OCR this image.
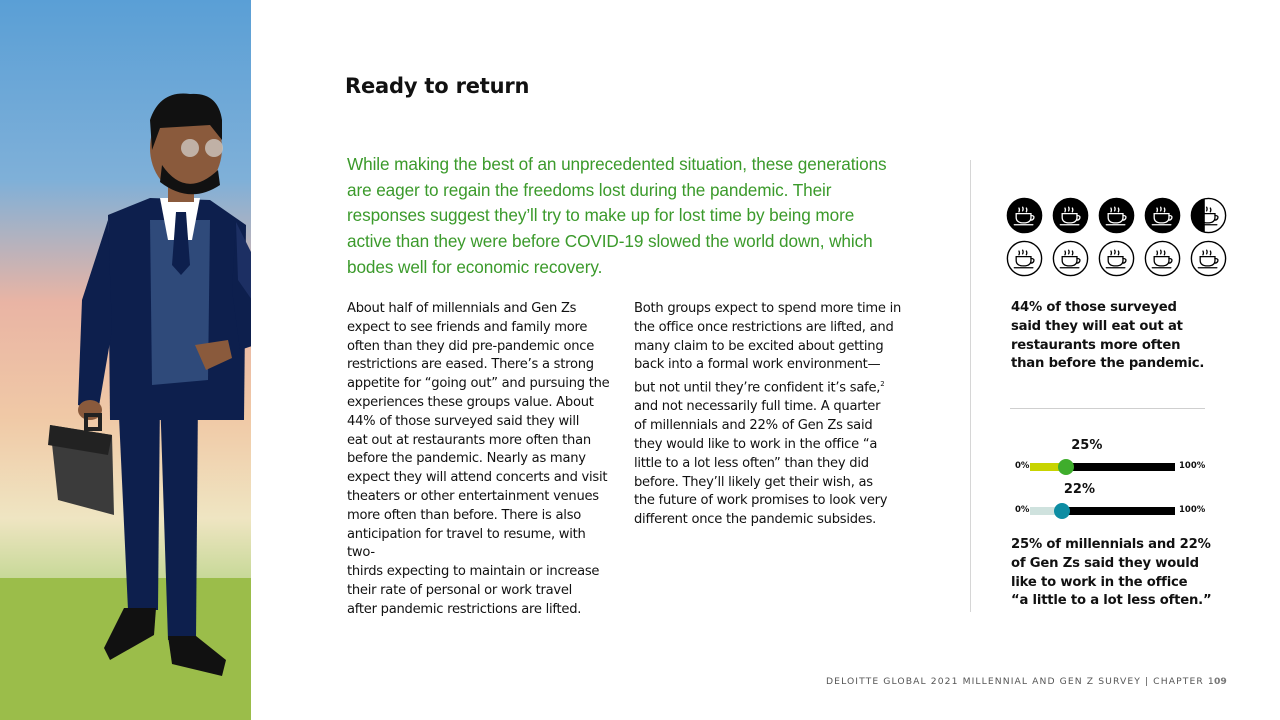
Ready to return
While making the best of an unprecedented situation, these generations are eager to regain the freedoms lost during the pandemic. Their responses suggest they’ll try to make up for lost time by being more active than they were before COVID-19 slowed the world down, which bodes well for economic recovery.
About half of millennials and Gen Zs
expect to see friends and family more
often than they did pre-pandemic once
restrictions are eased. There’s a strong
appetite for “going out” and pursuing the
experiences these groups value. About
44% of those surveyed said they will
eat out at restaurants more often than
before the pandemic. Nearly as many
expect they will attend concerts and visit
theaters or other entertainment venues
more often than before. There is also
anticipation for travel to resume, with two-
thirds expecting to maintain or increase
their rate of personal or work travel
after pandemic restrictions are lifted.
Both groups expect to spend more time in
the office once restrictions are lifted, and
many claim to be excited about getting
back into a formal work environment—
but not until they’re confident it’s safe,$^2$
and not necessarily full time. A quarter
of millennials and 22% of Gen Zs said
they would like to work in the office “a
little to a lot less often” than they did
before. They’ll likely get their wish, as
the future of work promises to look very
different once the pandemic subsides.
44% of those surveyed
said they will eat out at
restaurants more often
than before the pandemic.
0%
25%
100%
0%
22%
100%
25% of millennials and 22%
of Gen Zs said they would
like to work in the office
“a little to a lot less often.”
DELOITTE GLOBAL 2021 MILLENNIAL AND GEN Z SURVEY | CHAPTER 1 09
